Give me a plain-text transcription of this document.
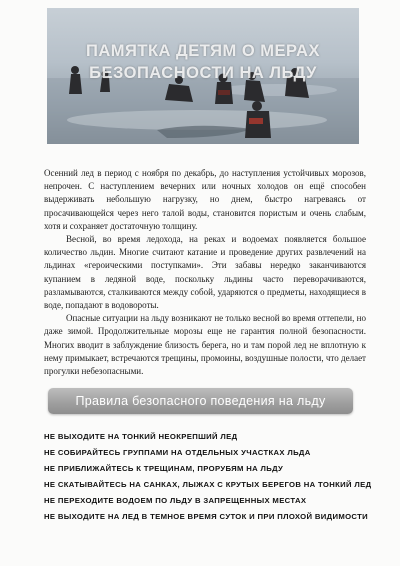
ПАМЯТКА ДЕТЯМ О МЕРАХ
БЕЗОПАСНОСТИ НА ЛЬДУ

Осенний лед в период с ноября по декабрь, до наступления устойчивых морозов, непрочен. С наступлением вечерних или ночных холодов он ещё способен выдерживать небольшую нагрузку, но днем, быстро нагреваясь от просачивающейся через него талой воды, становится пористым и очень слабым, хотя и сохраняет достаточную толщину.

Весной, во время ледохода, на реках и водоемах появляется большое количество льдин. Многие считают катание и проведение других развлечений на льдинах «героическими поступками». Эти забавы нередко заканчиваются купанием в ледяной воде, поскольку льдины часто переворачиваются, разламываются, сталкиваются между собой, ударяются о предметы, находящиеся в воде, попадают в водовороты.

Опасные ситуации на льду возникают не только весной во время оттепели, но даже зимой. Продолжительные морозы еще не гарантия полной безопасности. Многих вводит в заблуждение близость берега, но и там порой лед не вплотную к нему примыкает, встречаются трещины, промоины, воздушные полости, что делает прогулки небезопасными.

Правила безопасного поведения на льду
НЕ ВЫХОДИТЕ НА ТОНКИЙ НЕОКРЕПШИЙ ЛЕД
НЕ СОБИРАЙТЕСЬ ГРУППАМИ НА ОТДЕЛЬНЫХ УЧАСТКАХ ЛЬДА
НЕ ПРИБЛИЖАЙТЕСЬ К ТРЕЩИНАМ, ПРОРУБЯМ НА ЛЬДУ
НЕ СКАТЫВАЙТЕСЬ НА САНКАХ, ЛЫЖАХ С КРУТЫХ БЕРЕГОВ НА ТОНКИЙ ЛЕД
НЕ ПЕРЕХОДИТЕ ВОДОЕМ ПО ЛЬДУ В ЗАПРЕЩЕННЫХ МЕСТАХ
НЕ ВЫХОДИТЕ НА ЛЕД В ТЕМНОЕ ВРЕМЯ СУТОК И ПРИ ПЛОХОЙ ВИДИМОСТИ
